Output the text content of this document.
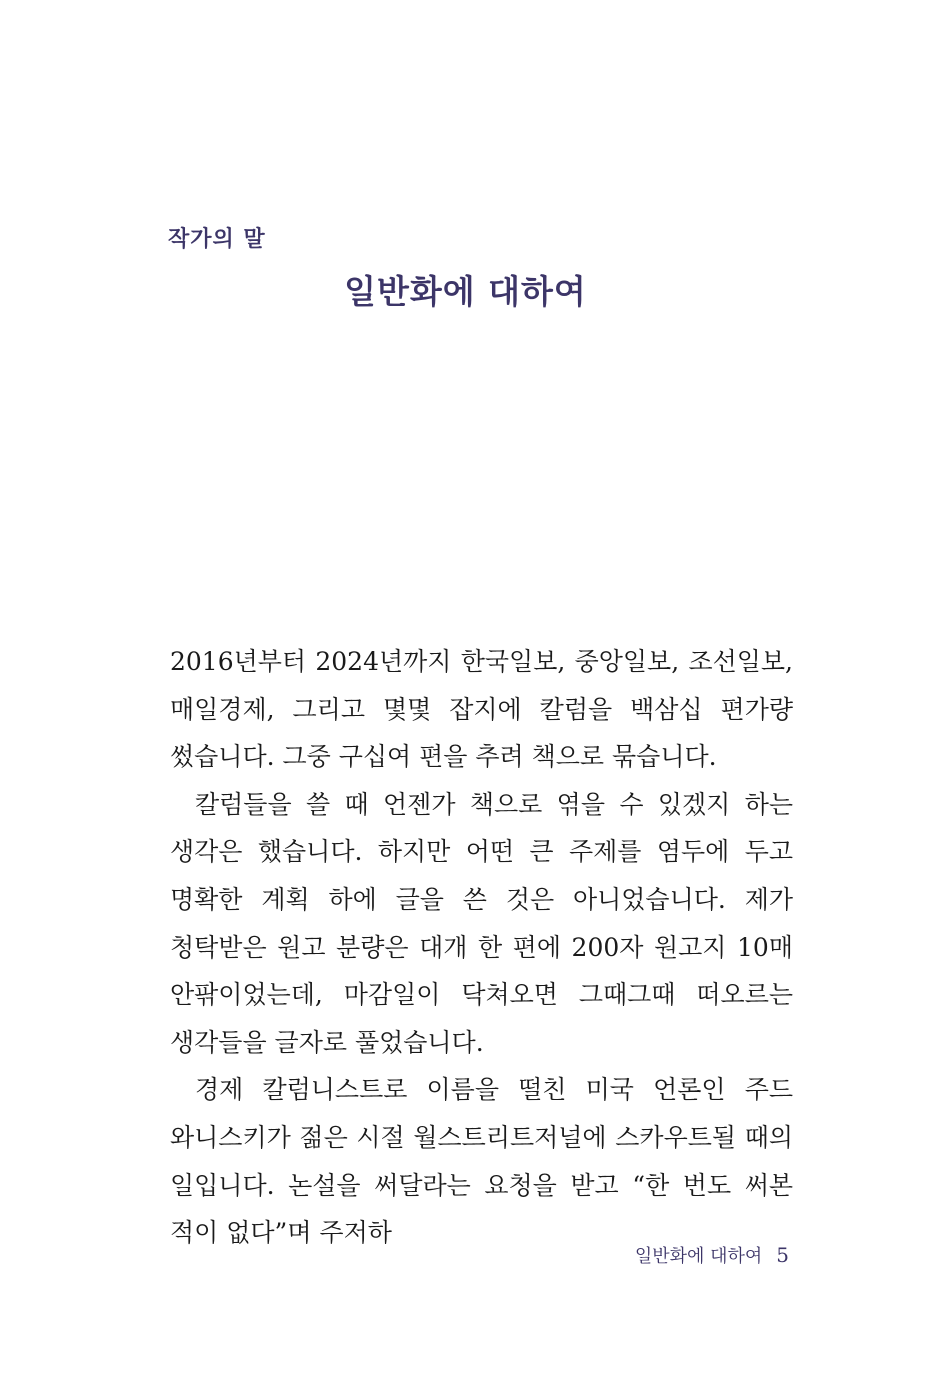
작가의 말
일반화에 대하여

2016년부터 2024년까지 한국일보, 중앙일보, 조선일보, 매일경제, 그리고 몇몇 잡지에 칼럼을 백삼십 편가량 썼습니다. 그중 구십여 편을 추려 책으로 묶습니다.

칼럼들을 쓸 때 언젠가 책으로 엮을 수 있겠지 하는 생각은 했습니다. 하지만 어떤 큰 주제를 염두에 두고 명확한 계획 하에 글을 쓴 것은 아니었습니다. 제가 청탁받은 원고 분량은 대개 한 편에 200자 원고지 10매 안팎이었는데, 마감일이 닥쳐오면 그때그때 떠오르는 생각들을 글자로 풀었습니다.

경제 칼럼니스트로 이름을 떨친 미국 언론인 주드 와니스키가 젊은 시절 월스트리트저널에 스카우트될 때의 일입니다. 논설을 써달라는 요청을 받고 “한 번도 써본 적이 없다”며 주저하

일반화에 대하여 5
